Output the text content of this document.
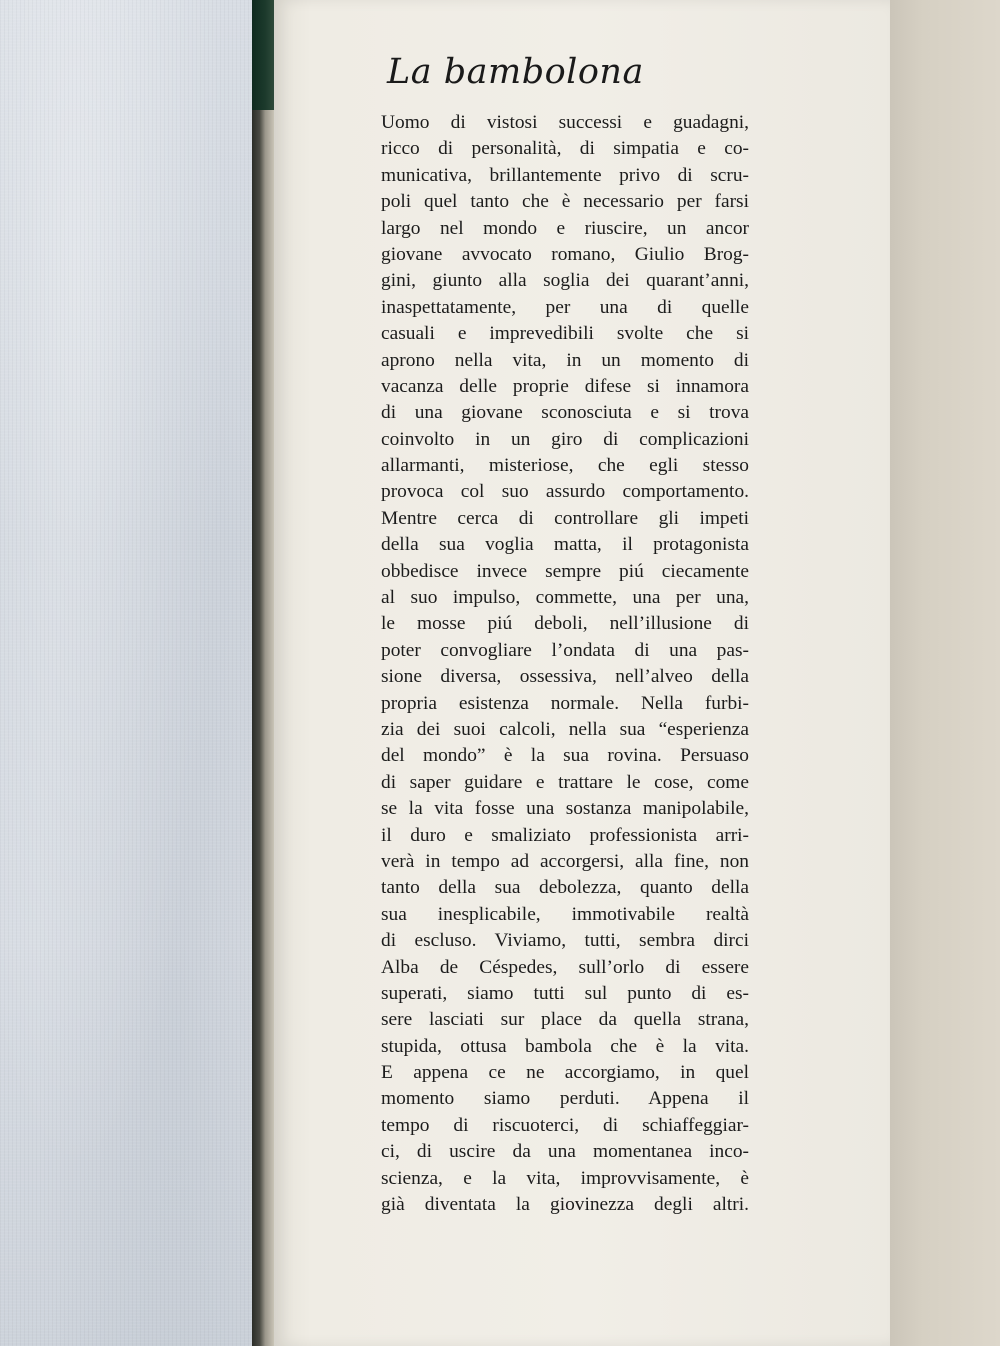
La bambolona
Uomo di vistosi successi e guadagni,
ricco di personalità, di simpatia e co-
municativa, brillantemente privo di scru-
poli quel tanto che è necessario per farsi
largo nel mondo e riuscire, un ancor
giovane avvocato romano, Giulio Brog-
gini, giunto alla soglia dei quarant’anni,
inaspettatamente, per una di quelle
casuali e imprevedibili svolte che si
aprono nella vita, in un momento di
vacanza delle proprie difese si innamora
di una giovane sconosciuta e si trova
coinvolto in un giro di complicazioni
allarmanti, misteriose, che egli stesso
provoca col suo assurdo comportamento.
Mentre cerca di controllare gli impeti
della sua voglia matta, il protagonista
obbedisce invece sempre piú ciecamente
al suo impulso, commette, una per una,
le mosse piú deboli, nell’illusione di
poter convogliare l’ondata di una pas-
sione diversa, ossessiva, nell’alveo della
propria esistenza normale. Nella furbi-
zia dei suoi calcoli, nella sua “esperienza
del mondo” è la sua rovina. Persuaso
di saper guidare e trattare le cose, come
se la vita fosse una sostanza manipolabile,
il duro e smaliziato professionista arri-
verà in tempo ad accorgersi, alla fine, non
tanto della sua debolezza, quanto della
sua inesplicabile, immotivabile realtà
di escluso. Viviamo, tutti, sembra dirci
Alba de Céspedes, sull’orlo di essere
superati, siamo tutti sul punto di es-
sere lasciati sur place da quella strana,
stupida, ottusa bambola che è la vita.
E appena ce ne accorgiamo, in quel
momento siamo perduti. Appena il
tempo di riscuoterci, di schiaffeggiar-
ci, di uscire da una momentanea inco-
scienza, e la vita, improvvisamente, è
già diventata la giovinezza degli altri.
